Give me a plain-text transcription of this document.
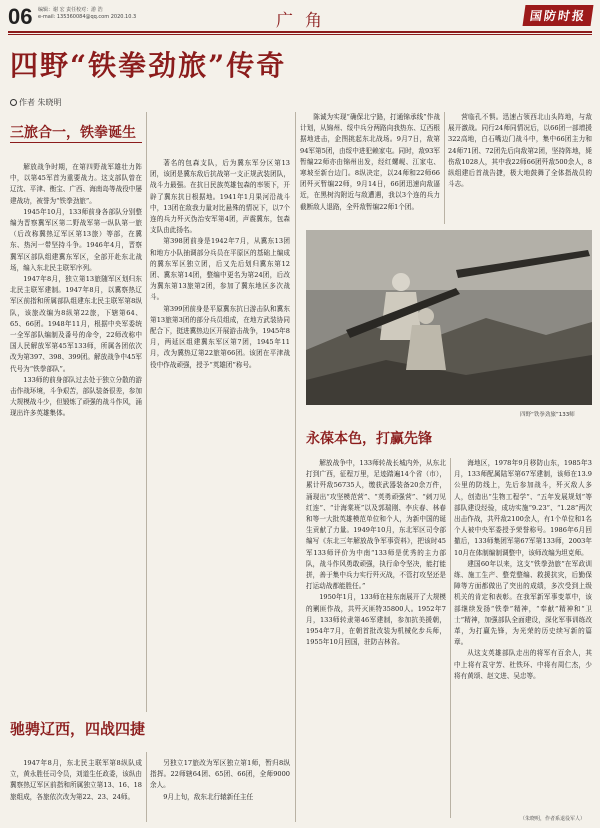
06 编辑：谢 宏 责任校对：游 浩
e-mail: 135360084@qq.com 2020.10.3	广角	国防时报
四野“铁拳劲旅”传奇
作者 朱晓明
三旅合一，铁拳诞生

解放战争时期，在第四野战军雄壮力阵中，以第45军首为重要战力。这支部队曾在辽沈、平津、衡宝、广西、海南岛等战役中屡建战功，被誉为“铁拳劲旅”。

1945年10月，133师前身各部队分别整编为晋察冀军区第二野战军第一纵队第一旅（后改称冀热辽军区第13旅）等部，在冀东、热河一带坚持斗争。1946年4月，晋察冀军区部队组建冀东军区，全部开赴东北战场，编入东北民主联军序列。

1947年8月，独立第13旅随军区划归东北民主联军建制。1947年8月，以冀察热辽军区前指和所属部队组建东北民主联军第8纵队，该旅改编为8纵第22旅，下辖第64、65、66团。1948年11月，根据中央军委统一全军部队编制及番号的命令，22师改称中国人民解放军第45军133师，所属各团依次改为第397、398、399团。解放战争中45军代号为“铁拳部队”。

133师的前身部队过去处于独立分散的游击作战环境，斗争艰苦，部队装备很差，参加大规模战斗少，但锻炼了顽强的战斗作风，涌现出许多英雄集体。

著名的包森支队，后为冀东军分区第13团，该团是冀东敌后抗战第一支正规武装团队，战斗力最强。在抗日民族英雄包森的率领下，开辟了冀东抗日根据地。1941年1月果河沿战斗中，13团在敌我力量对比悬殊的情况下，以7个连的兵力歼灭伪治安军第4团，声震冀东，包森支队由此扬名。

第398团前身是1942年7月，从冀东13团和地方小队抽调部分兵员在平原区的基础上编成的冀东军区独立团，后又先后划归冀东第12团、冀东第14团，整编中更名为第24团，后改为冀东第13旅第2团，参加了冀东地区多次战斗。

第399团前身是平原冀东抗日游击队和冀东第13旅第3团的部分兵员组成，在地方武装协同配合下，挺进冀热边区开展游击战争，1945年8月，两延区组建冀东军区第7团，1945年11月，改为冀热辽第22旅第66团。该团在平津战役中作战顽强，授予“英雄团”称号。

陈诚为实现“确保北宁路，打通锦承线”作战计划，从锦州、绥中兵分两路向我热东、辽西根据地进击，企图挑起东北战场。9月7日，敌第94军第5团，由绥中进犯赖家屯。同时，敌93军暂编22师亦由锦州出发，经红螺岘、江家屯、寒坡至新台边门。8纵决定，以24师和22师66团歼灭暂编22师，9月14日，66团迅速向敌逼近，在黑树沟附近与敌遭遇，我以3个连的兵力截断敌人退路，全歼敌暂编22师1个团。

营临孔不惧。迅速占领西北山头阵地，与敌展开激战。同行24师同情况后，以66团一部增援322高地，白石嘴边门战斗中，集中66团主力和24师71团、72团先后向敌第2团，坚持阵地，毙伤敌1028人，其中我22师66团歼敌500余人，8纵组建后首战告捷，极大地鼓舞了全体指战员的斗志。

四野“铁拳劲旅”133师
永葆本色，打赢先锋

解放战争中，133师转战长城内外，从东北打到广西，征程万里，足迹踏遍14个省（市），累计歼敌56735人，缴获武器装备20余万件，涌现出“攻坚模范营”、“英勇顽强营”、“刺刀见红连”、“计海棠班”以及郭瑞刚、李庆春、林春和等一大批英雄模范单位和个人，为新中国的诞生贡献了力量。1949年10月，东北军区司令部编写《东北三年解放战争军事资料》，把该时45军133师评价为中南“133师是优秀的主力部队，战斗作风勇敢顽强，执行命令坚决，能打能拼，善于集中兵力实行歼灭战，不管打攻坚还是打运动战都能胜任。”

1950年1月，133师在桂东南展开了大规模的剿匪作战，共歼灭匪特35800人。1952年7月，133师转隶第46军建制，参加抗美援朝，1954年7月，在朝首批改装为机械化步兵师，1955年10月回国，驻防吉林省。

海地区，1978年9月移防山东，1985年3月，133师配属陆军第67军建制，该师在13.9公里的防线上，先后参加战斗，歼灭敌人多人，创造出“生物工程学”、“五年发展规划”等部队建设经验，成功实施“9.23”、“1.28”两次出击作战，共歼敌2100余人，有1个单位和1名个人被中央军委授予荣誉称号。1986年6月回撤后，133师集团军第67军第133师，2003年10月在体制编制调整中，该师改编为坦克师。

建国60年以来，这支“铁拳劲旅”在军政训练、施工生产、整党整编、救援抗灾，后勤保障等方面都做出了突出的成绩，多次受到上级机关的肯定和表彰。在我军新军事变革中，该部继续发扬“铁拳”精神，“奉献”精神和“卫士”精神，加强部队全面建设，深化军事训练改革，为打赢先锋，为光荣的历史续写新的篇章。

从这支英雄部队走出的将军有百余人，其中上将有袁守芳、杜铁环、中将有周仁杰，少将有黄颂、赵文进、吴忠等。

（朱晓明，作者系退役军人）
驰骋辽西，四战四捷

1947年8月，东北民主联军第8纵队成立，黄永胜任司令员，刘道生任政委，该纵由冀察热辽军区前指和所属独立第13、16、18旅组成，各旅依次改为第22、23、24师。

另独立17旅改为军区独立第1师，暂归8纵指挥。22师辖64团、65团、66团，全师9000余人。

9月上旬，敌东北行辕新任主任
